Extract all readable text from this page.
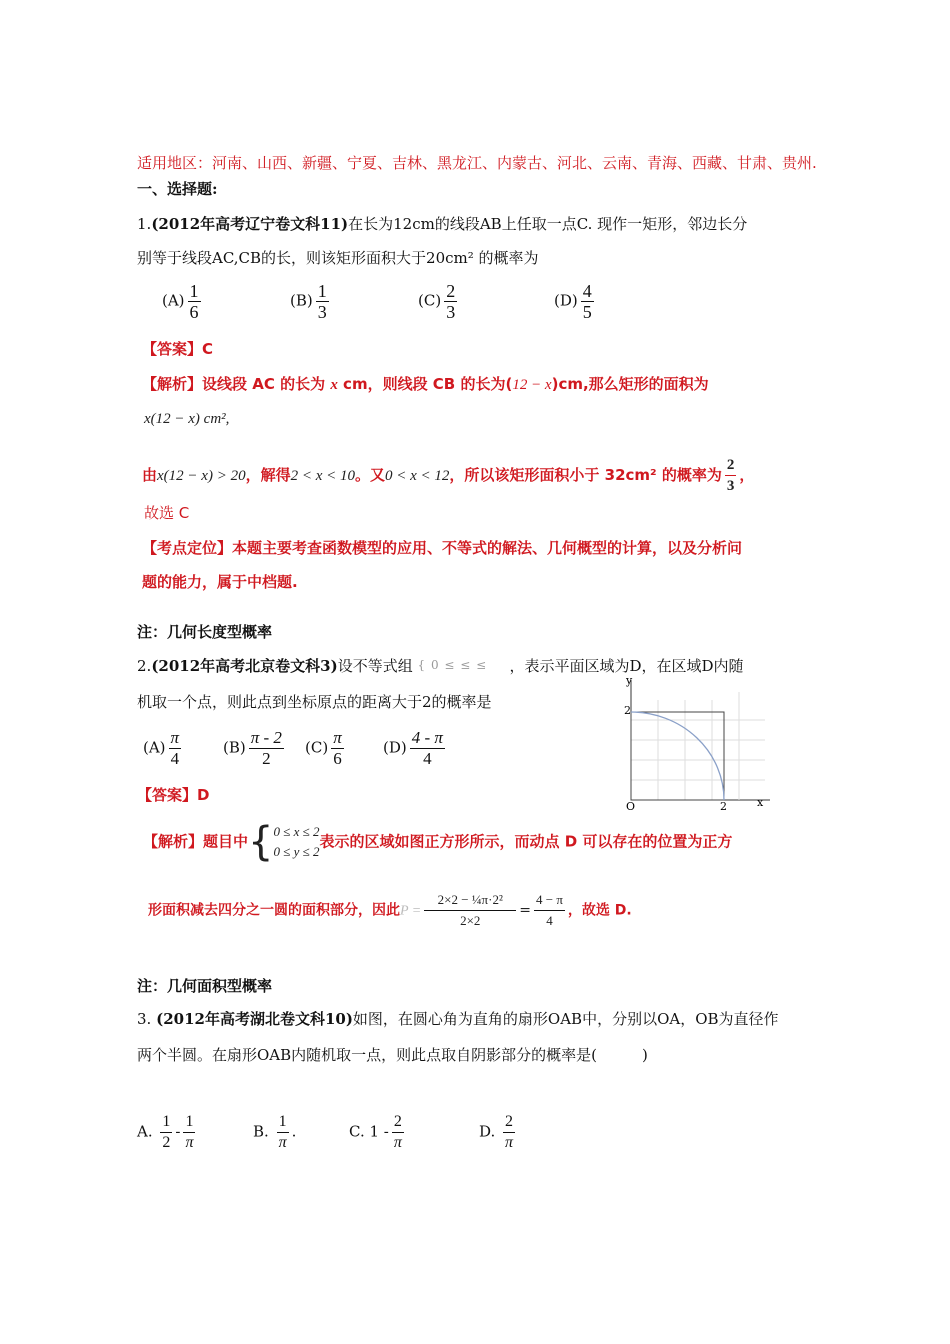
适用地区：河南、山西、新疆、宁夏、吉林、黑龙江、内蒙古、河北、云南、青海、西藏、甘肃、贵州.
一、选择题:
1.(2012年高考辽宁卷文科11)在长为12cm的线段AB上任取一点C. 现作一矩形，邻边长分
别等于线段AC,CB的长，则该矩形面积大于20cm² 的概率为
$(A) \frac{1}{6}$	$(B) \frac{1}{3}$	$(C) \frac{2}{3}$	$(D) \frac{4}{5}$
【答案】C
【解析】设线段 AC 的长为 x cm，则线段 CB 的长为(12 − x)cm,那么矩形的面积为
x(12 − x) cm²,
由x(12 − x) > 20，解得2 < x < 10。又0 < x < 12，所以该矩形面积小于 32cm² 的概率为 $\frac{2}{3}$ ，
故选 C
【考点定位】本题主要考查函数模型的应用、不等式的解法、几何概型的计算，以及分析问
题的能力，属于中档题.
注：几何长度型概率
2.(2012年高考北京卷文科3)设不等式组 { 0 ≤ ≤ ≤ ，表示平面区域为D，在区域D内随
机取一个点，则此点到坐标原点的距离大于2的概率是
$(A) \frac{\pi}{4}$	$(B) \frac{\pi - 2}{2} (C) \frac{\pi}{6}$	$(D) \frac{4 - \pi}{4}$
【答案】D
y
2
O	2	x
【解析】题目中{ 0 ≤ x ≤ 2
0 ≤ y ≤ 2
表示的区域如图正方形所示，而动点 D 可以存在的位置为正方
形面积减去四分之一圆的面积部分，因此$P = \frac{\text{2×2 − ¼π·2²}}{2\times 2} = \frac{4 - \pi}{4}$ ，故选 D.
注：几何面积型概率
3. (2012年高考湖北卷文科10)如图，在圆心角为直角的扇形OAB中，分别以OA，OB为直径作
两个半圆。在扇形OAB内随机取一点，则此点取自阴影部分的概率是(　　　)
A. $\frac{1}{2} - \frac{1}{\pi}$	B. $\frac{1}{\pi}$ .	C. $1 - \frac{2}{\pi}$	D. $\frac{2}{\pi}$
